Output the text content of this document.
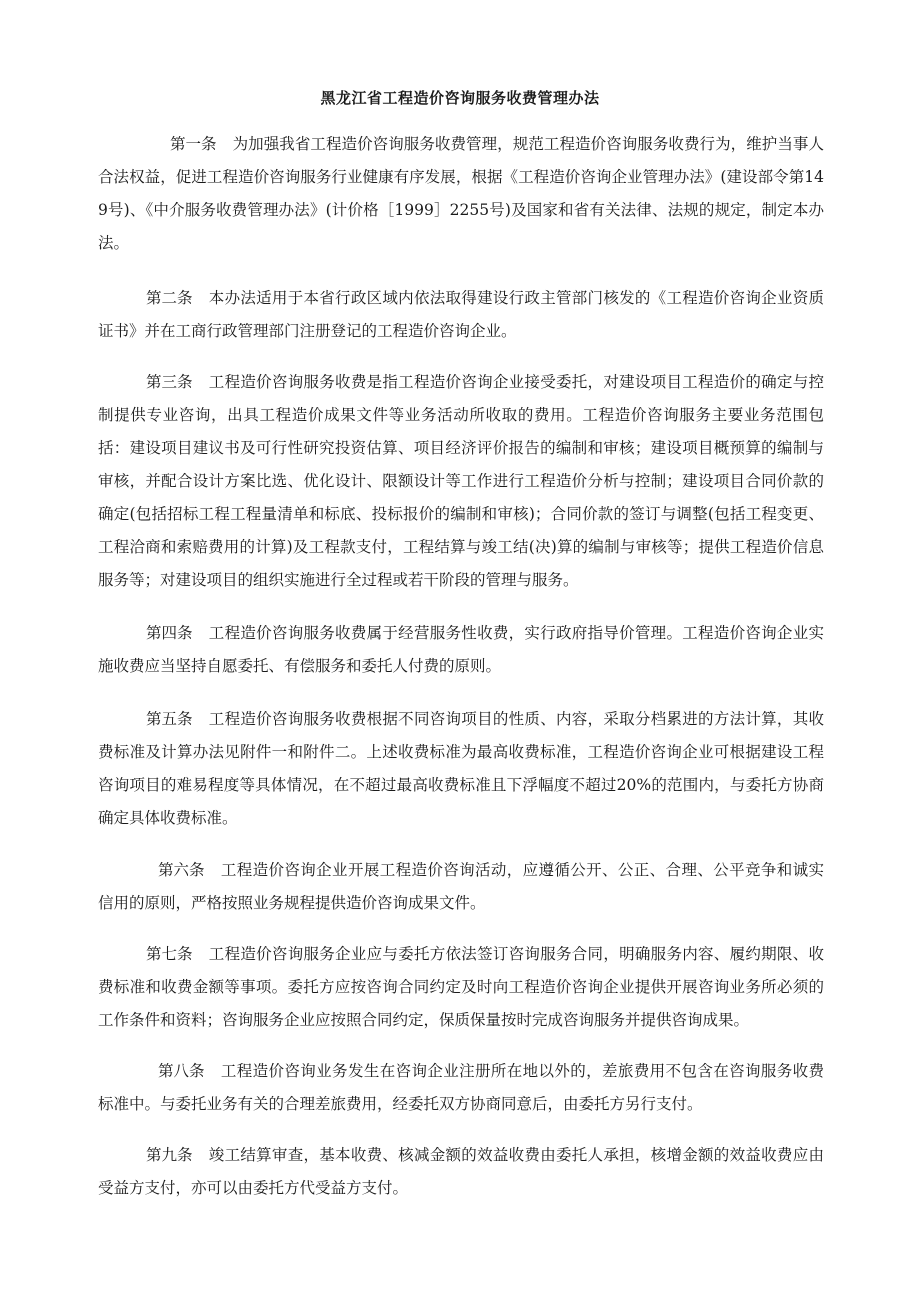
黑龙江省工程造价咨询服务收费管理办法

第一条 为加强我省工程造价咨询服务收费管理，规范工程造价咨询服务收费行为，维护当事人合法权益，促进工程造价咨询服务行业健康有序发展，根据《工程造价咨询企业管理办法》(建设部令第149号)、《中介服务收费管理办法》(计价格［1999］2255号)及国家和省有关法律、法规的规定，制定本办法。

第二条 本办法适用于本省行政区域内依法取得建设行政主管部门核发的《工程造价咨询企业资质证书》并在工商行政管理部门注册登记的工程造价咨询企业。

第三条 工程造价咨询服务收费是指工程造价咨询企业接受委托，对建设项目工程造价的确定与控制提供专业咨询，出具工程造价成果文件等业务活动所收取的费用。工程造价咨询服务主要业务范围包括：建设项目建议书及可行性研究投资估算、项目经济评价报告的编制和审核；建设项目概预算的编制与审核，并配合设计方案比选、优化设计、限额设计等工作进行工程造价分析与控制；建设项目合同价款的确定(包括招标工程工程量清单和标底、投标报价的编制和审核)；合同价款的签订与调整(包括工程变更、工程洽商和索赔费用的计算)及工程款支付，工程结算与竣工结(决)算的编制与审核等；提供工程造价信息服务等；对建设项目的组织实施进行全过程或若干阶段的管理与服务。

第四条 工程造价咨询服务收费属于经营服务性收费，实行政府指导价管理。工程造价咨询企业实施收费应当坚持自愿委托、有偿服务和委托人付费的原则。

第五条 工程造价咨询服务收费根据不同咨询项目的性质、内容，采取分档累进的方法计算，其收费标准及计算办法见附件一和附件二。上述收费标准为最高收费标准，工程造价咨询企业可根据建设工程咨询项目的难易程度等具体情况，在不超过最高收费标准且下浮幅度不超过20%的范围内，与委托方协商确定具体收费标准。

第六条 工程造价咨询企业开展工程造价咨询活动，应遵循公开、公正、合理、公平竞争和诚实信用的原则，严格按照业务规程提供造价咨询成果文件。

第七条 工程造价咨询服务企业应与委托方依法签订咨询服务合同，明确服务内容、履约期限、收费标准和收费金额等事项。委托方应按咨询合同约定及时向工程造价咨询企业提供开展咨询业务所必须的工作条件和资料；咨询服务企业应按照合同约定，保质保量按时完成咨询服务并提供咨询成果。

第八条 工程造价咨询业务发生在咨询企业注册所在地以外的，差旅费用不包含在咨询服务收费标准中。与委托业务有关的合理差旅费用，经委托双方协商同意后，由委托方另行支付。

第九条 竣工结算审查，基本收费、核减金额的效益收费由委托人承担，核增金额的效益收费应由受益方支付，亦可以由委托方代受益方支付。
